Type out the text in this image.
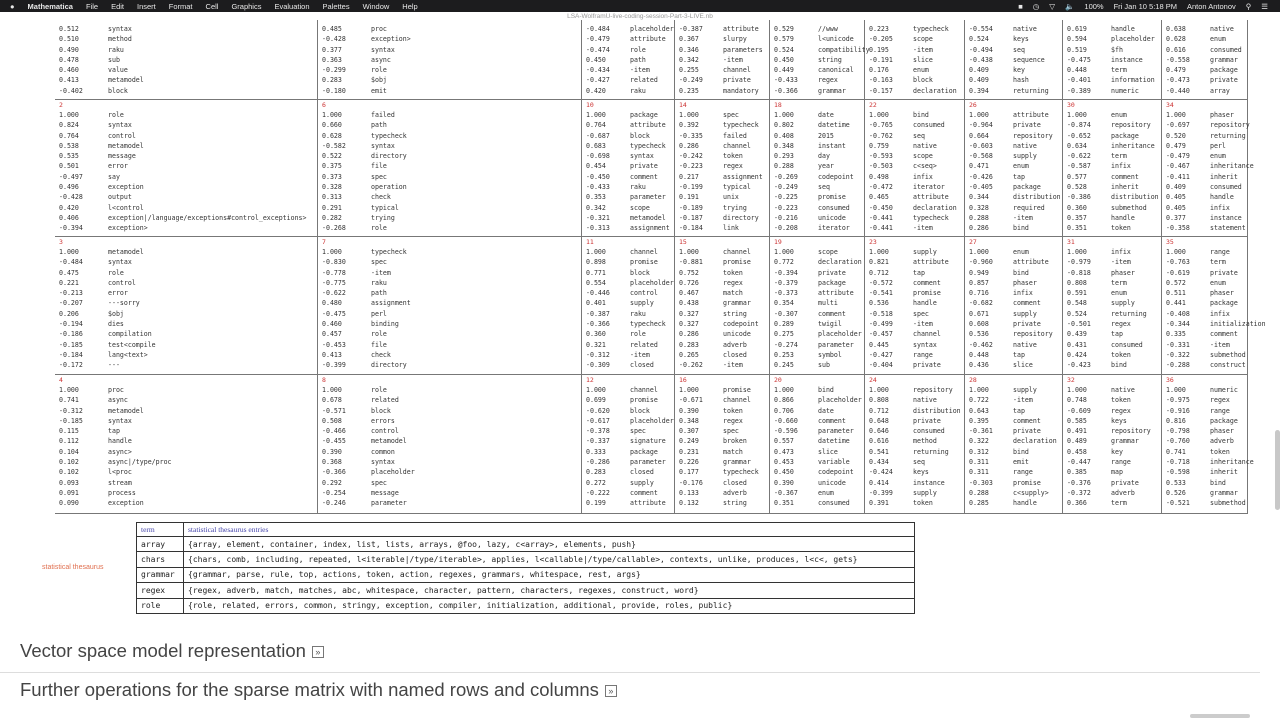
● Mathematica File Edit Insert Format Cell Graphics Evaluation Palettes Window Help	■ ◷ ▽ 🔈 100% Fri Jan 10 5:18 PM Anton Antonov ⚲ ☰
LSA-WolframU-live-coding-session-Part-3-LIVE.nb
0.512	syntax
0.510	method
0.490	raku
0.478	sub
0.460	value
0.413	metamodel
-0.402	block
0.485	proc
-0.428	exception>
0.377	syntax
0.363	async
-0.299	role
0.283	$obj
-0.180	emit
-0.484	placeholder
-0.479	attribute
-0.474	role
0.450	path
-0.434	-item
-0.427	related
0.420	raku
-0.387	attribute
0.367	slurpy
0.346	parameters
0.342	-item
0.255	channel
-0.249	private
0.235	mandatory
0.529	//www
0.579	l<unicode
0.524	compatibility
0.450	string
0.449	canonical
-0.433	regex
-0.366	grammar
0.223	typecheck
-0.205	scope
0.195	-item
-0.191	slice
0.176	enum
-0.163	block
-0.157	declaration
-0.554	native
0.524	keys
-0.494	seq
-0.438	sequence
0.409	key
0.409	hash
0.394	returning
0.619	handle
0.594	placeholder
0.519	$fh
-0.475	instance
0.448	term
-0.401	information
-0.389	numeric
0.638	native
0.628	enum
0.616	consumed
-0.558	grammar
0.479	package
-0.473	private
-0.440	array
2
1.000	role
0.824	syntax
0.764	control
0.538	metamodel
0.535	message
0.501	error
-0.497	say
0.496	exception
-0.428	output
0.420	l<control
0.406	exception|/language/exceptions#control_exceptions>
-0.394	exception>
6
1.000	failed
0.660	path
0.628	typecheck
-0.582	syntax
0.522	directory
0.375	file
0.373	spec
0.328	operation
0.313	check
0.291	typical
0.282	trying
-0.268	role
10
1.000	package
0.764	attribute
-0.687	block
0.683	typecheck
-0.698	syntax
0.454	private
-0.450	comment
-0.433	raku
0.353	parameter
0.342	scope
-0.321	metamodel
-0.313	assignment
14
1.000	spec
0.392	typecheck
-0.335	failed
0.286	channel
-0.242	token
-0.223	regex
0.217	assignment
-0.199	typical
0.191	unix
-0.189	trying
-0.187	directory
-0.184	link
18
1.000	date
0.802	datetime
0.408	2015
0.348	instant
0.293	day
0.288	year
-0.269	codepoint
-0.249	seq
-0.225	promise
-0.223	consumed
-0.216	unicode
-0.208	iterator
22
1.000	bind
-0.765	consumed
-0.762	seq
0.759	native
-0.593	scope
-0.503	c<seq>
0.498	infix
-0.472	iterator
0.465	attribute
-0.450	declaration
-0.441	typecheck
-0.441	-item
26
1.000	attribute
-0.964	private
0.664	repository
-0.603	native
-0.568	supply
0.471	enum
-0.426	tap
-0.405	package
0.344	distribution
0.328	required
0.288	-item
0.286	bind
30
1.000	enum
-0.874	repository
-0.652	package
0.634	inheritance
-0.622	term
-0.587	infix
0.577	comment
0.528	inherit
-0.386	distribution
0.360	submethod
0.357	handle
0.351	token
34
1.000	phaser
-0.697	repository
0.520	returning
0.479	perl
-0.479	enum
-0.467	inheritance
-0.411	inherit
0.409	consumed
0.405	handle
0.405	infix
0.377	instance
-0.358	statement
3
1.000	metamodel
-0.484	syntax
0.475	role
0.221	control
-0.213	error
-0.207	---sorry
0.206	$obj
-0.194	dies
-0.186	compilation
-0.185	test<compile
-0.184	lang<text>
-0.172	---
7
1.000	typecheck
-0.830	spec
-0.778	-item
-0.775	raku
-0.622	path
0.480	assignment
-0.475	perl
0.460	binding
0.457	role
-0.453	file
0.413	check
-0.399	directory
11
1.000	channel
0.898	promise
0.771	block
0.554	placeholder
-0.446	control
0.401	supply
-0.387	raku
-0.366	typecheck
0.360	role
0.321	related
-0.312	-item
-0.309	closed
15
1.000	channel
-0.881	promise
0.752	token
0.726	regex
0.467	match
0.438	grammar
0.327	string
0.327	codepoint
0.286	unicode
0.283	adverb
0.265	closed
-0.262	-item
19
1.000	scope
0.772	declaration
-0.394	private
-0.379	package
-0.373	attribute
0.354	multi
-0.307	comment
0.289	twigil
0.275	placeholder
-0.274	parameter
0.253	symbol
0.245	sub
23
1.000	supply
0.821	attribute
0.712	tap
-0.572	comment
-0.541	promise
0.536	handle
-0.518	spec
-0.499	-item
-0.457	channel
0.445	syntax
-0.427	range
-0.404	private
27
1.000	enum
-0.960	attribute
0.949	bind
0.857	phaser
0.716	infix
-0.682	comment
0.671	supply
0.608	private
0.536	repository
-0.462	native
0.448	tap
0.436	slice
31
1.000	infix
-0.979	-item
-0.818	phaser
0.808	term
0.591	enum
0.548	supply
0.524	returning
-0.501	regex
0.439	tap
0.431	consumed
0.424	token
-0.423	bind
35
1.000	range
-0.763	term
-0.619	private
0.572	enum
0.511	phaser
0.441	package
-0.408	infix
-0.344	initialization
0.335	comment
-0.331	-item
-0.322	submethod
-0.288	construct
4
1.000	proc
0.741	async
-0.312	metamodel
-0.185	syntax
0.115	tap
0.112	handle
0.104	async>
0.102	async|/type/proc
0.102	l<proc
0.093	stream
0.091	process
0.090	exception
8
1.000	role
0.678	related
-0.571	block
0.508	errors
-0.466	control
-0.455	metamodel
0.390	common
0.368	syntax
-0.366	placeholder
0.292	spec
-0.254	message
-0.246	parameter
12
1.000	channel
0.699	promise
-0.620	block
-0.617	placeholder
-0.378	spec
-0.337	signature
0.333	package
-0.286	parameter
0.283	closed
0.272	supply
-0.222	comment
0.199	attribute
16
1.000	promise
-0.671	channel
0.390	token
0.348	regex
0.307	spec
0.249	broken
0.231	match
0.226	grammar
0.177	typecheck
-0.176	closed
0.133	adverb
0.132	string
20
1.000	bind
0.866	placeholder
0.706	date
-0.660	comment
-0.596	parameter
0.557	datetime
0.473	slice
0.453	variable
0.450	codepoint
0.390	unicode
-0.367	enum
0.351	consumed
24
1.000	repository
0.808	native
0.712	distribution
0.648	private
0.646	consumed
0.616	method
0.541	returning
0.434	seq
-0.424	keys
0.414	instance
-0.399	supply
0.391	token
28
1.000	supply
0.722	-item
0.643	tap
0.395	comment
-0.361	private
0.322	declaration
0.312	bind
0.311	emit
0.311	range
-0.303	promise
0.288	c<supply>
0.285	handle
32
1.000	native
0.748	token
-0.609	regex
0.585	keys
0.491	repository
0.489	grammar
0.458	key
-0.447	range
0.385	map
-0.376	private
-0.372	adverb
0.366	term
36
1.000	numeric
-0.975	regex
-0.916	range
0.816	package
-0.798	phaser
-0.760	adverb
0.741	token
-0.718	inheritance
-0.598	inherit
0.533	bind
0.526	grammar
-0.521	submethod
statistical thesaurus
term	statistical thesaurus entries
array	{array, element, container, index, list, lists, arrays, @foo, lazy, c<array>, elements, push}
chars	{chars, comb, including, repeated, l<iterable|/type/iterable>, applies, l<callable|/type/callable>, contexts, unlike, produces, l<c<, gets}
grammar	{grammar, parse, rule, top, actions, token, action, regexes, grammars, whitespace, rest, args}
regex	{regex, adverb, match, matches, abc, whitespace, character, pattern, characters, regexes, construct, word}
role	{role, related, errors, common, stringy, exception, compiler, initialization, additional, provide, roles, public}
Vector space model representation »
Further operations for the sparse matrix with named rows and columns »
